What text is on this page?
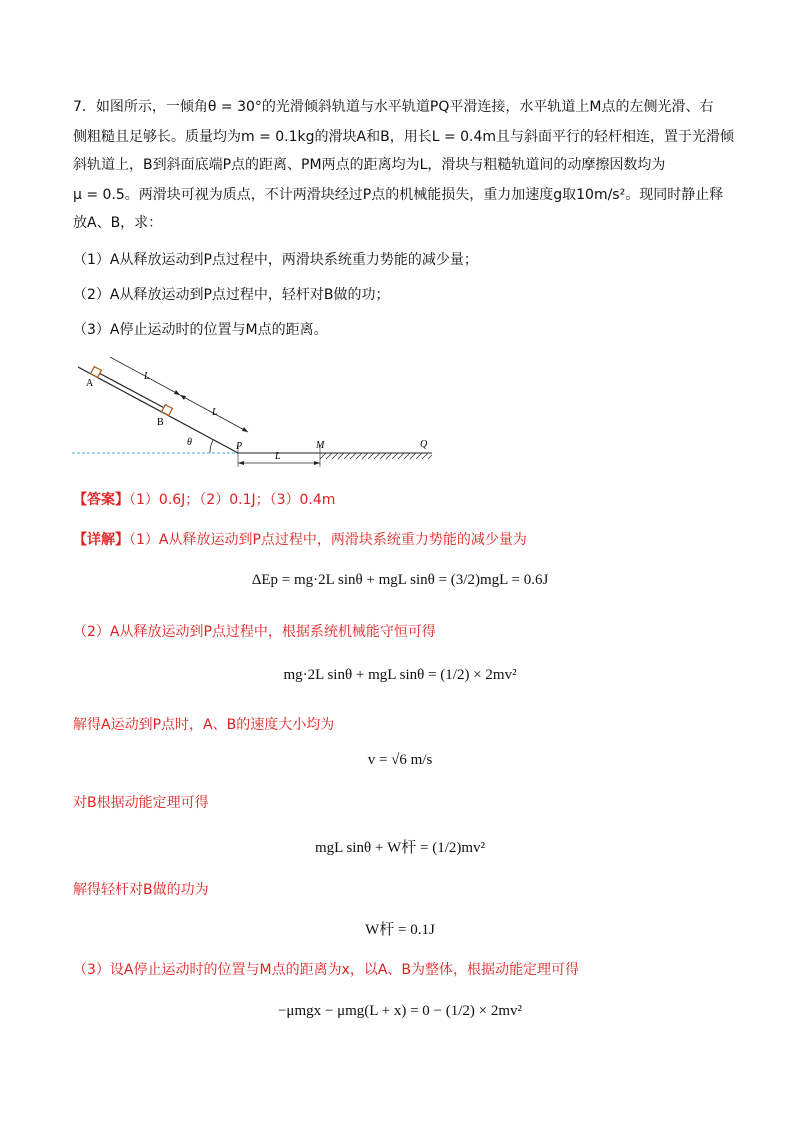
7．如图所示，一倾角θ = 30°的光滑倾斜轨道与水平轨道PQ平滑连接，水平轨道上M点的左侧光滑、右

侧粗糙且足够长。质量均为m = 0.1kg的滑块A和B，用长L = 0.4m且与斜面平行的轻杆相连，置于光滑倾

斜轨道上，B到斜面底端P点的距离、PM两点的距离均为L，滑块与粗糙轨道间的动摩擦因数均为

μ = 0.5。两滑块可视为质点，不计两滑块经过P点的机械能损失，重力加速度g取10m/s²。现同时静止释

放A、B，求：

（1）A从释放运动到P点过程中，两滑块系统重力势能的减少量；

（2）A从释放运动到P点过程中，轻杆对B做的功；

（3）A停止运动时的位置与M点的距离。

A
B
L
L
θ	P	M	Q
L

【答案】（1）0.6J；（2）0.1J；（3）0.4m

【详解】（1）A从释放运动到P点过程中，两滑块系统重力势能的减少量为

ΔEp = mg·2L sinθ + mgL sinθ = (3/2)mgL = 0.6J

（2）A从释放运动到P点过程中，根据系统机械能守恒可得

mg·2L sinθ + mgL sinθ = (1/2) × 2mv²

解得A运动到P点时，A、B的速度大小均为

v = √6 m/s

对B根据动能定理可得

mgL sinθ + W杆 = (1/2)mv²

解得轻杆对B做的功为

W杆 = 0.1J

（3）设A停止运动时的位置与M点的距离为x，以A、B为整体，根据动能定理可得

−μmgx − μmg(L + x) = 0 − (1/2) × 2mv²
